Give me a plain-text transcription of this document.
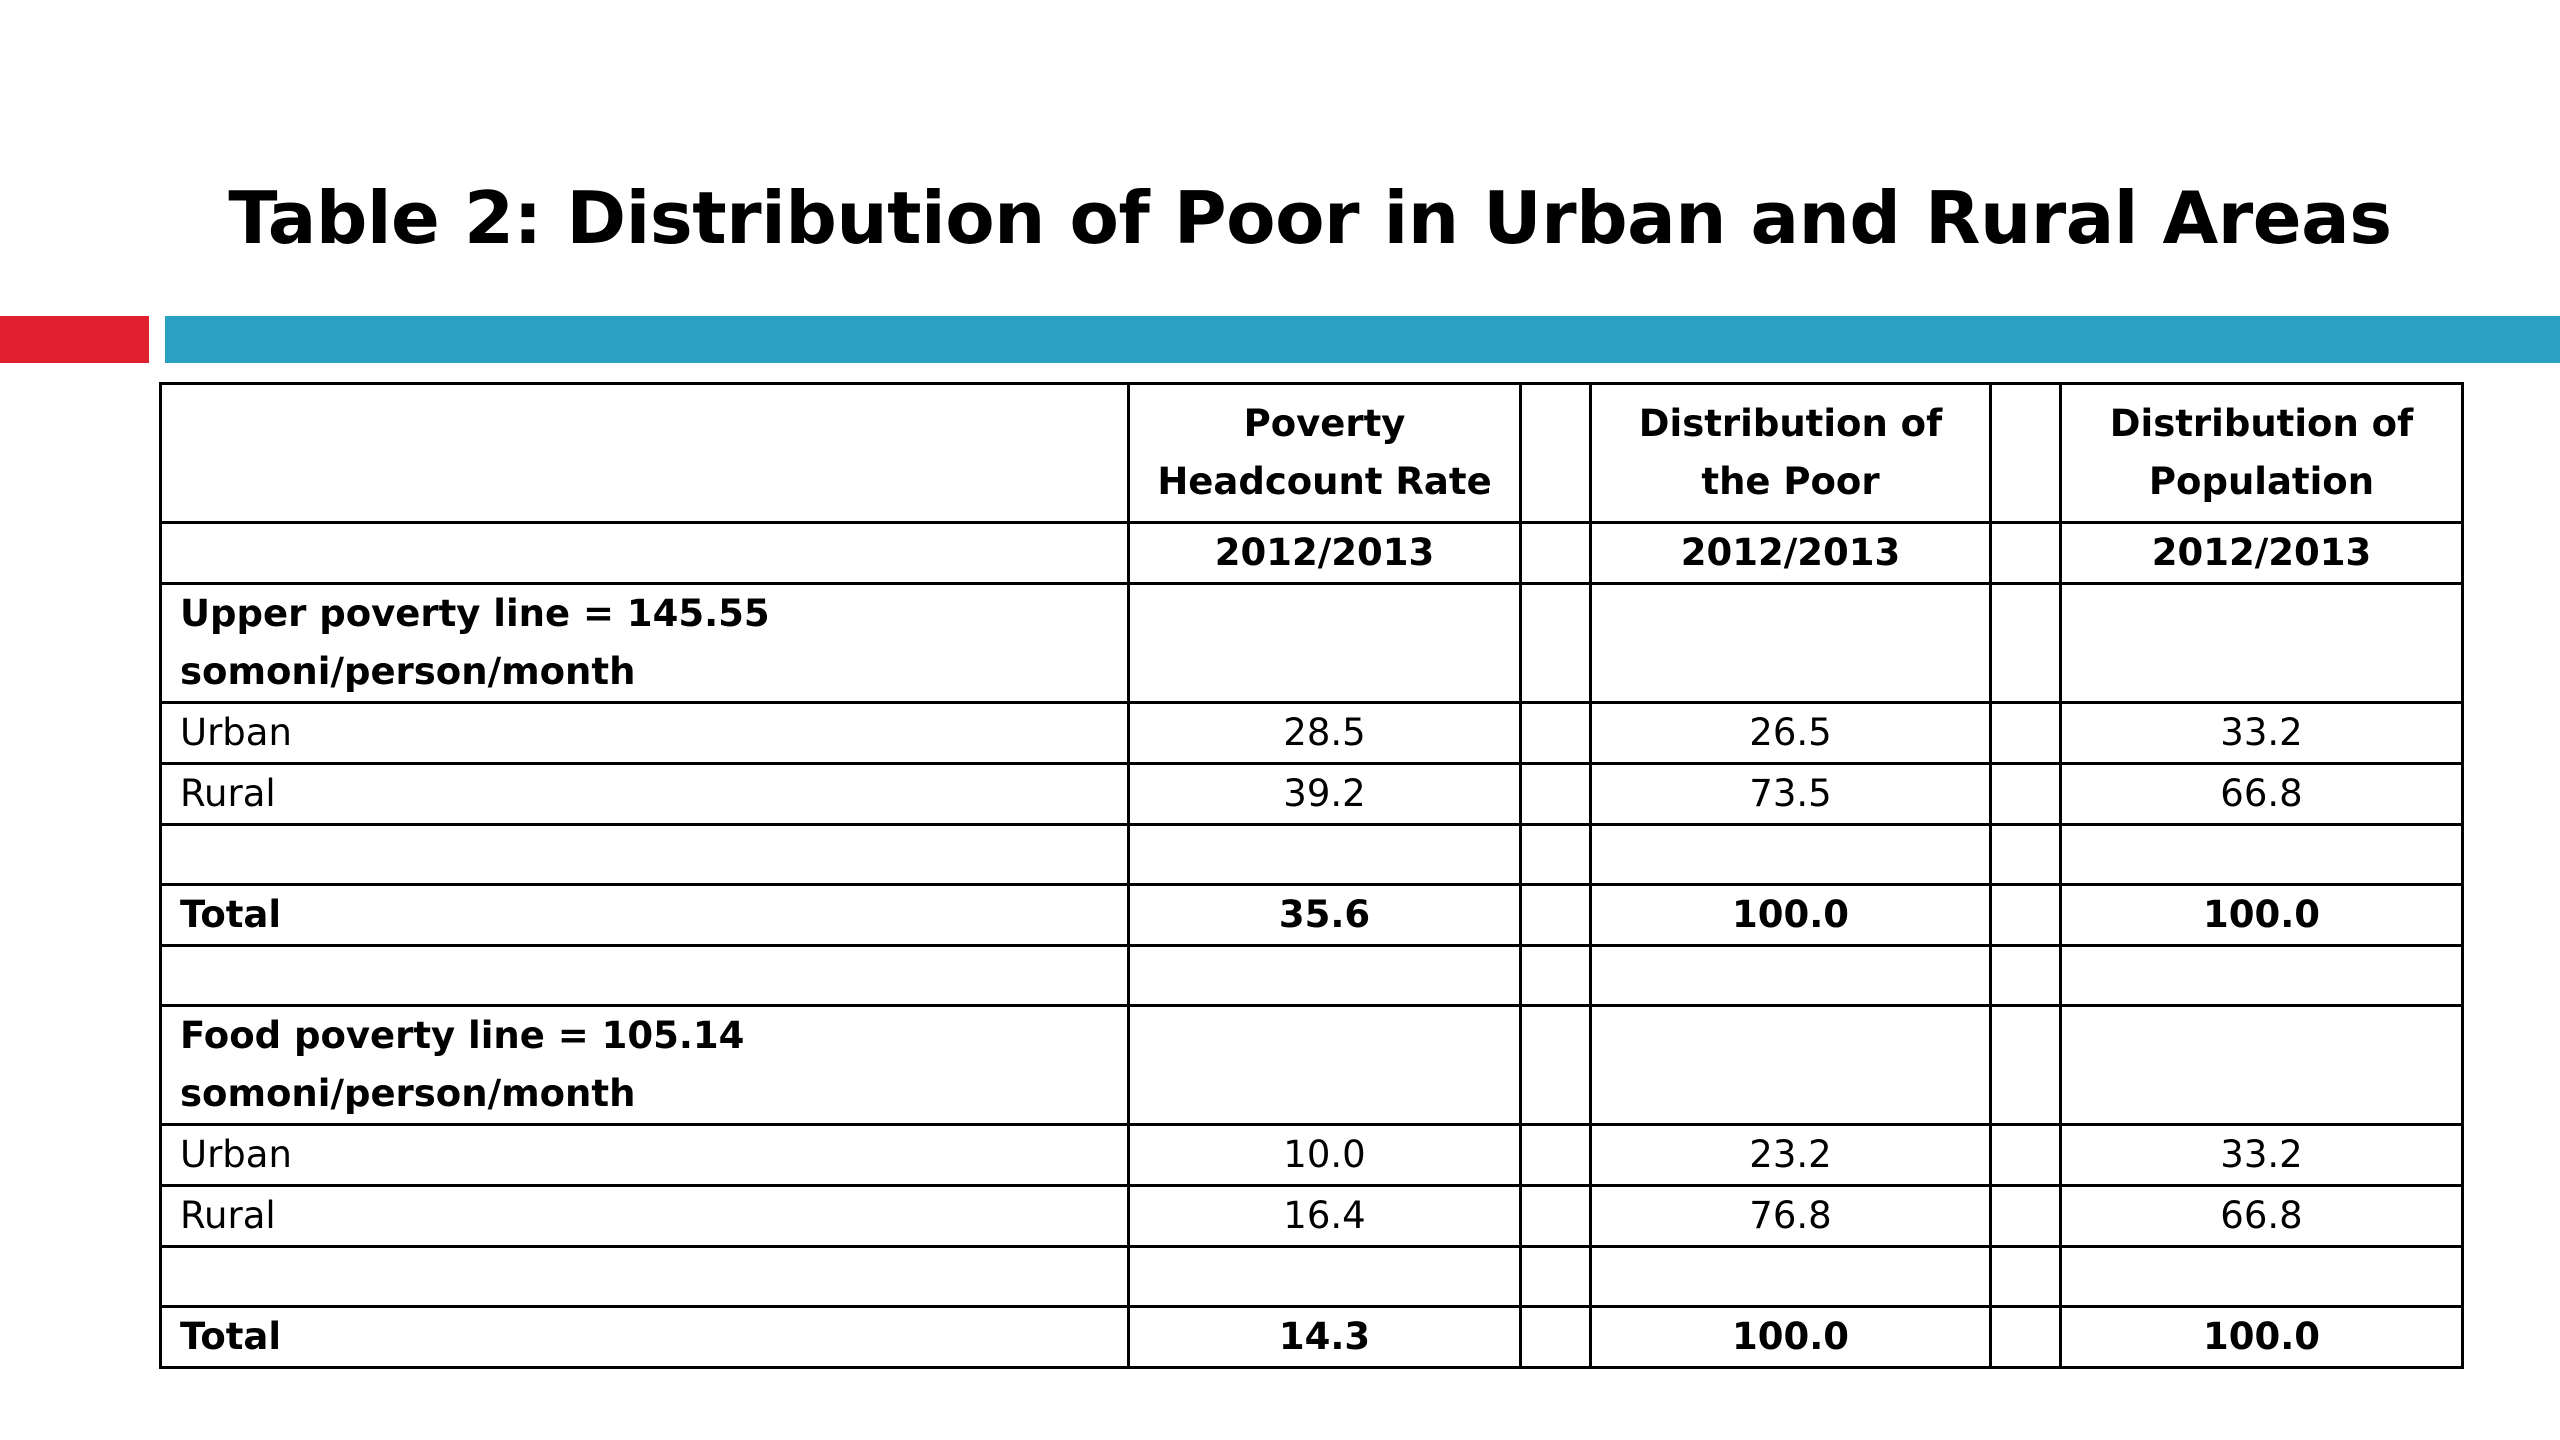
Table 2: Distribution of Poor in Urban and Rural Areas
	Poverty Headcount Rate		Distribution of the Poor		Distribution of Population
	2012/2013		2012/2013		2012/2013
Upper poverty line = 145.55 somoni/person/month					
Urban	28.5		26.5		33.2
Rural	39.2		73.5		66.8

Total	35.6		100.0		100.0

Food poverty line = 105.14 somoni/person/month					
Urban	10.0		23.2		33.2
Rural	16.4		76.8		66.8

Total	14.3		100.0		100.0
